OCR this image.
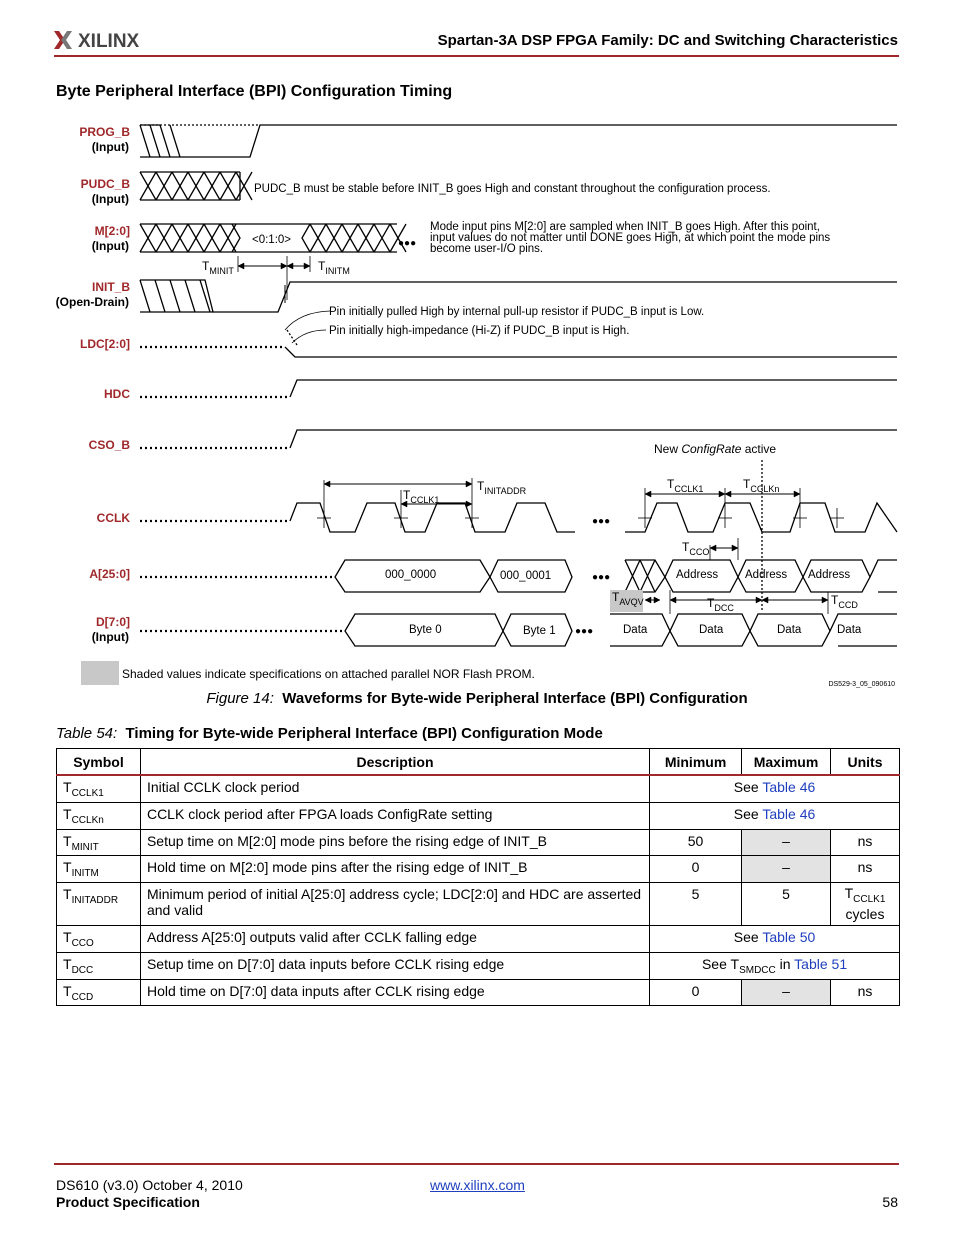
XILINX	Spartan-3A DSP FPGA Family: DC and Switching Characteristics
Byte Peripheral Interface (BPI) Configuration Timing
PROG_B
(Input)
PUDC_B
(Input)
M[2:0]
(Input)
INIT_B
(Open-Drain)
LDC[2:0]
HDC
CSO_B
CCLK
A[25:0]
D[7:0]
(Input)
PUDC_B must be stable before INIT_B goes High and constant throughout the configuration process.
<0:1:0>	●●●
Mode input pins M[2:0] are sampled when INIT_B goes High. After this point,
input values do not matter until DONE goes High, at which point the mode pins
become user-I/O pins.
$T_{MINIT}$	$T_{INITM}$
Pin initially pulled High by internal pull-up resistor if PUDC_B input is Low.
Pin initially high-impedance (Hi-Z) if PUDC_B input is High.
●●●
$T_{CCLK1}$
$T_{INITADDR}$	$T_{CCLK1}$	$T_{CCLKn}$
New ConfigRate active
●●●
000_0000	000_0001	Address Address Address
$T_{CCO}$
●●●
Byte 0	Byte 1	Data	Data	Data	Data
$T_{AVQV}$	$T_{DCC}$
$T_{CCD}$
Shaded values indicate specifications on attached parallel NOR Flash PROM.
DS529-3_05_090610
Figure 14: Waveforms for Byte-wide Peripheral Interface (BPI) Configuration
Table 54: Timing for Byte-wide Peripheral Interface (BPI) Configuration Mode
Symbol	Description	Minimum	Maximum	Units
$T_{CCLK1}$	Initial CCLK clock period	See Table 46		
$T_{CCLKn}$	CCLK clock period after FPGA loads ConfigRate setting	See Table 46		
$T_{MINIT}$	Setup time on M[2:0] mode pins before the rising edge of INIT_B	50	–	ns
$T_{INITM}$	Hold time on M[2:0] mode pins after the rising edge of INIT_B	0	–	ns
$T_{INITADDR}$	Minimum period of initial A[25:0] address cycle; LDC[2:0] and HDC are asserted and valid	5	5	$T_{CCLK1}$
cycles
$T_{CCO}$	Address A[25:0] outputs valid after CCLK falling edge	See Table 50		
$T_{DCC}$	Setup time on D[7:0] data inputs before CCLK rising edge	See $T_{SMDCC}$ in Table 51		
$T_{CCD}$	Hold time on D[7:0] data inputs after CCLK rising edge	0	–	ns
DS610 (v3.0) October 4, 2010
Product Specification
www.xilinx.com
58
